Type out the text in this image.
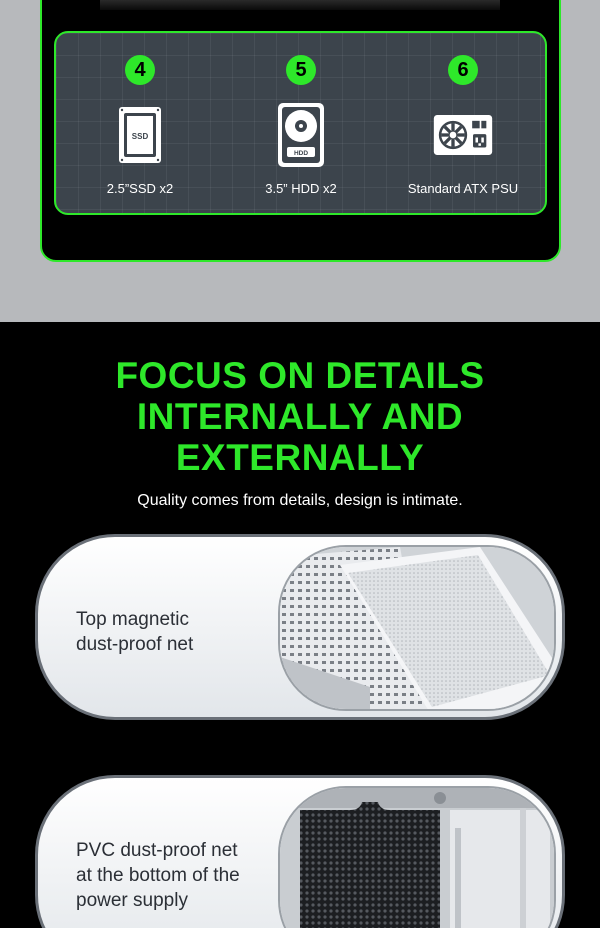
4
SSD
2.5”SSD x2
5
HDD
3.5” HDD x2
6
Standard ATX PSU
FOCUS ON DETAILS
INTERNALLY AND
EXTERNALLY
Quality comes from details, design is intimate.
Top magnetic
dust-proof net
PVC dust-proof net
at the bottom of the
power supply
